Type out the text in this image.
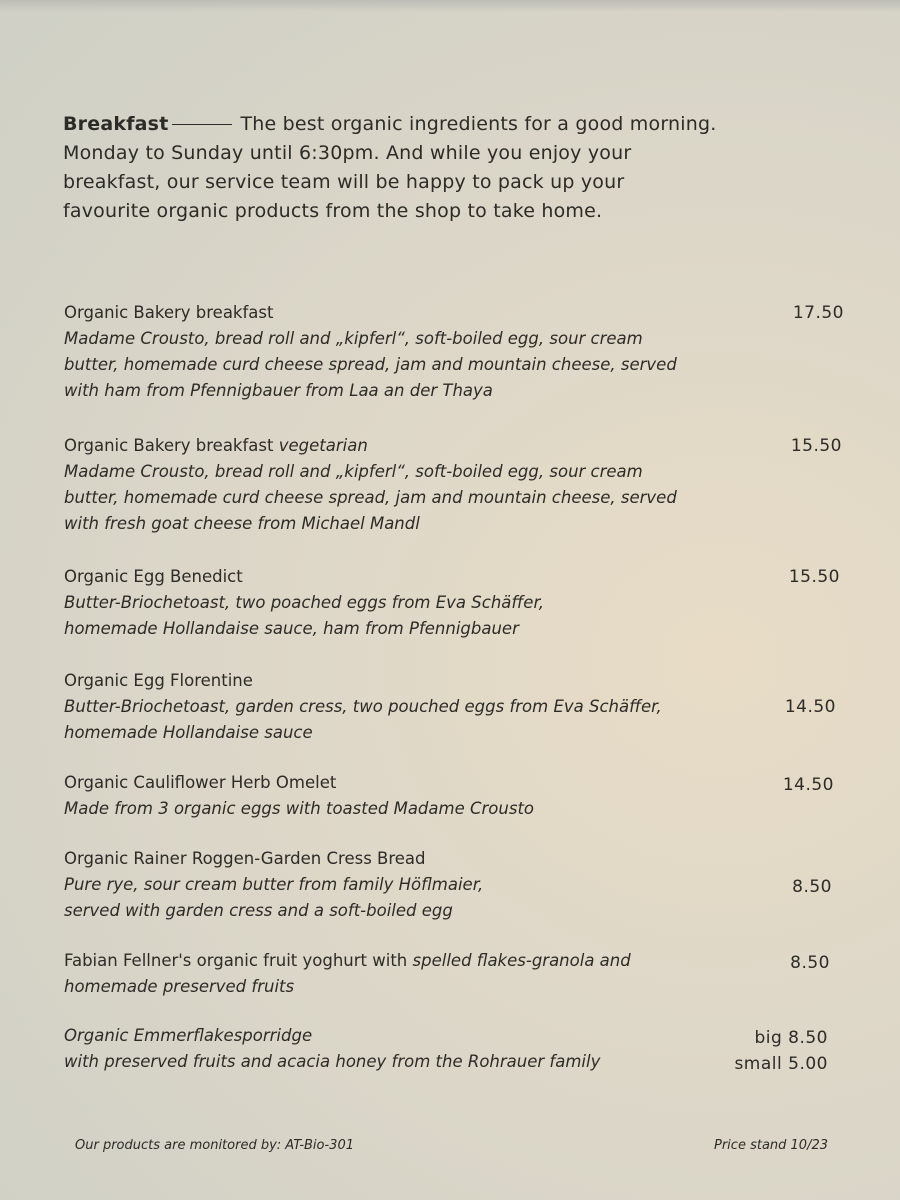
Breakfast	The best organic ingredients for a good morning.
Monday to Sunday until 6:30pm. And while you enjoy your
breakfast, our service team will be happy to pack up your
favourite organic products from the shop to take home.
Organic Bakery breakfast
Madame Crousto, bread roll and „kipferl“, soft-boiled egg, sour cream
butter, homemade curd cheese spread, jam and mountain cheese, served
with ham from Pfennigbauer from Laa an der Thaya
17.50
Organic Bakery breakfast vegetarian
Madame Crousto, bread roll and „kipferl“, soft-boiled egg, sour cream
butter, homemade curd cheese spread, jam and mountain cheese, served
with fresh goat cheese from Michael Mandl
15.50
Organic Egg Benedict
Butter-Briochetoast, two poached eggs from Eva Schäffer,
homemade Hollandaise sauce, ham from Pfennigbauer
15.50
Organic Egg Florentine
Butter-Briochetoast, garden cress, two pouched eggs from Eva Schäffer,
homemade Hollandaise sauce
14.50
Organic Cauliflower Herb Omelet
Made from 3 organic eggs with toasted Madame Crousto
14.50
Organic Rainer Roggen-Garden Cress Bread
Pure rye, sour cream butter from family Höflmaier,
served with garden cress and a soft-boiled egg
8.50
Fabian Fellner's organic fruit yoghurt with spelled flakes-granola and
homemade preserved fruits
8.50
Organic Emmerflakesporridge
with preserved fruits and acacia honey from the Rohrauer family
big 8.50
small 5.00
Our products are monitored by: AT-Bio-301	Price stand 10/23
